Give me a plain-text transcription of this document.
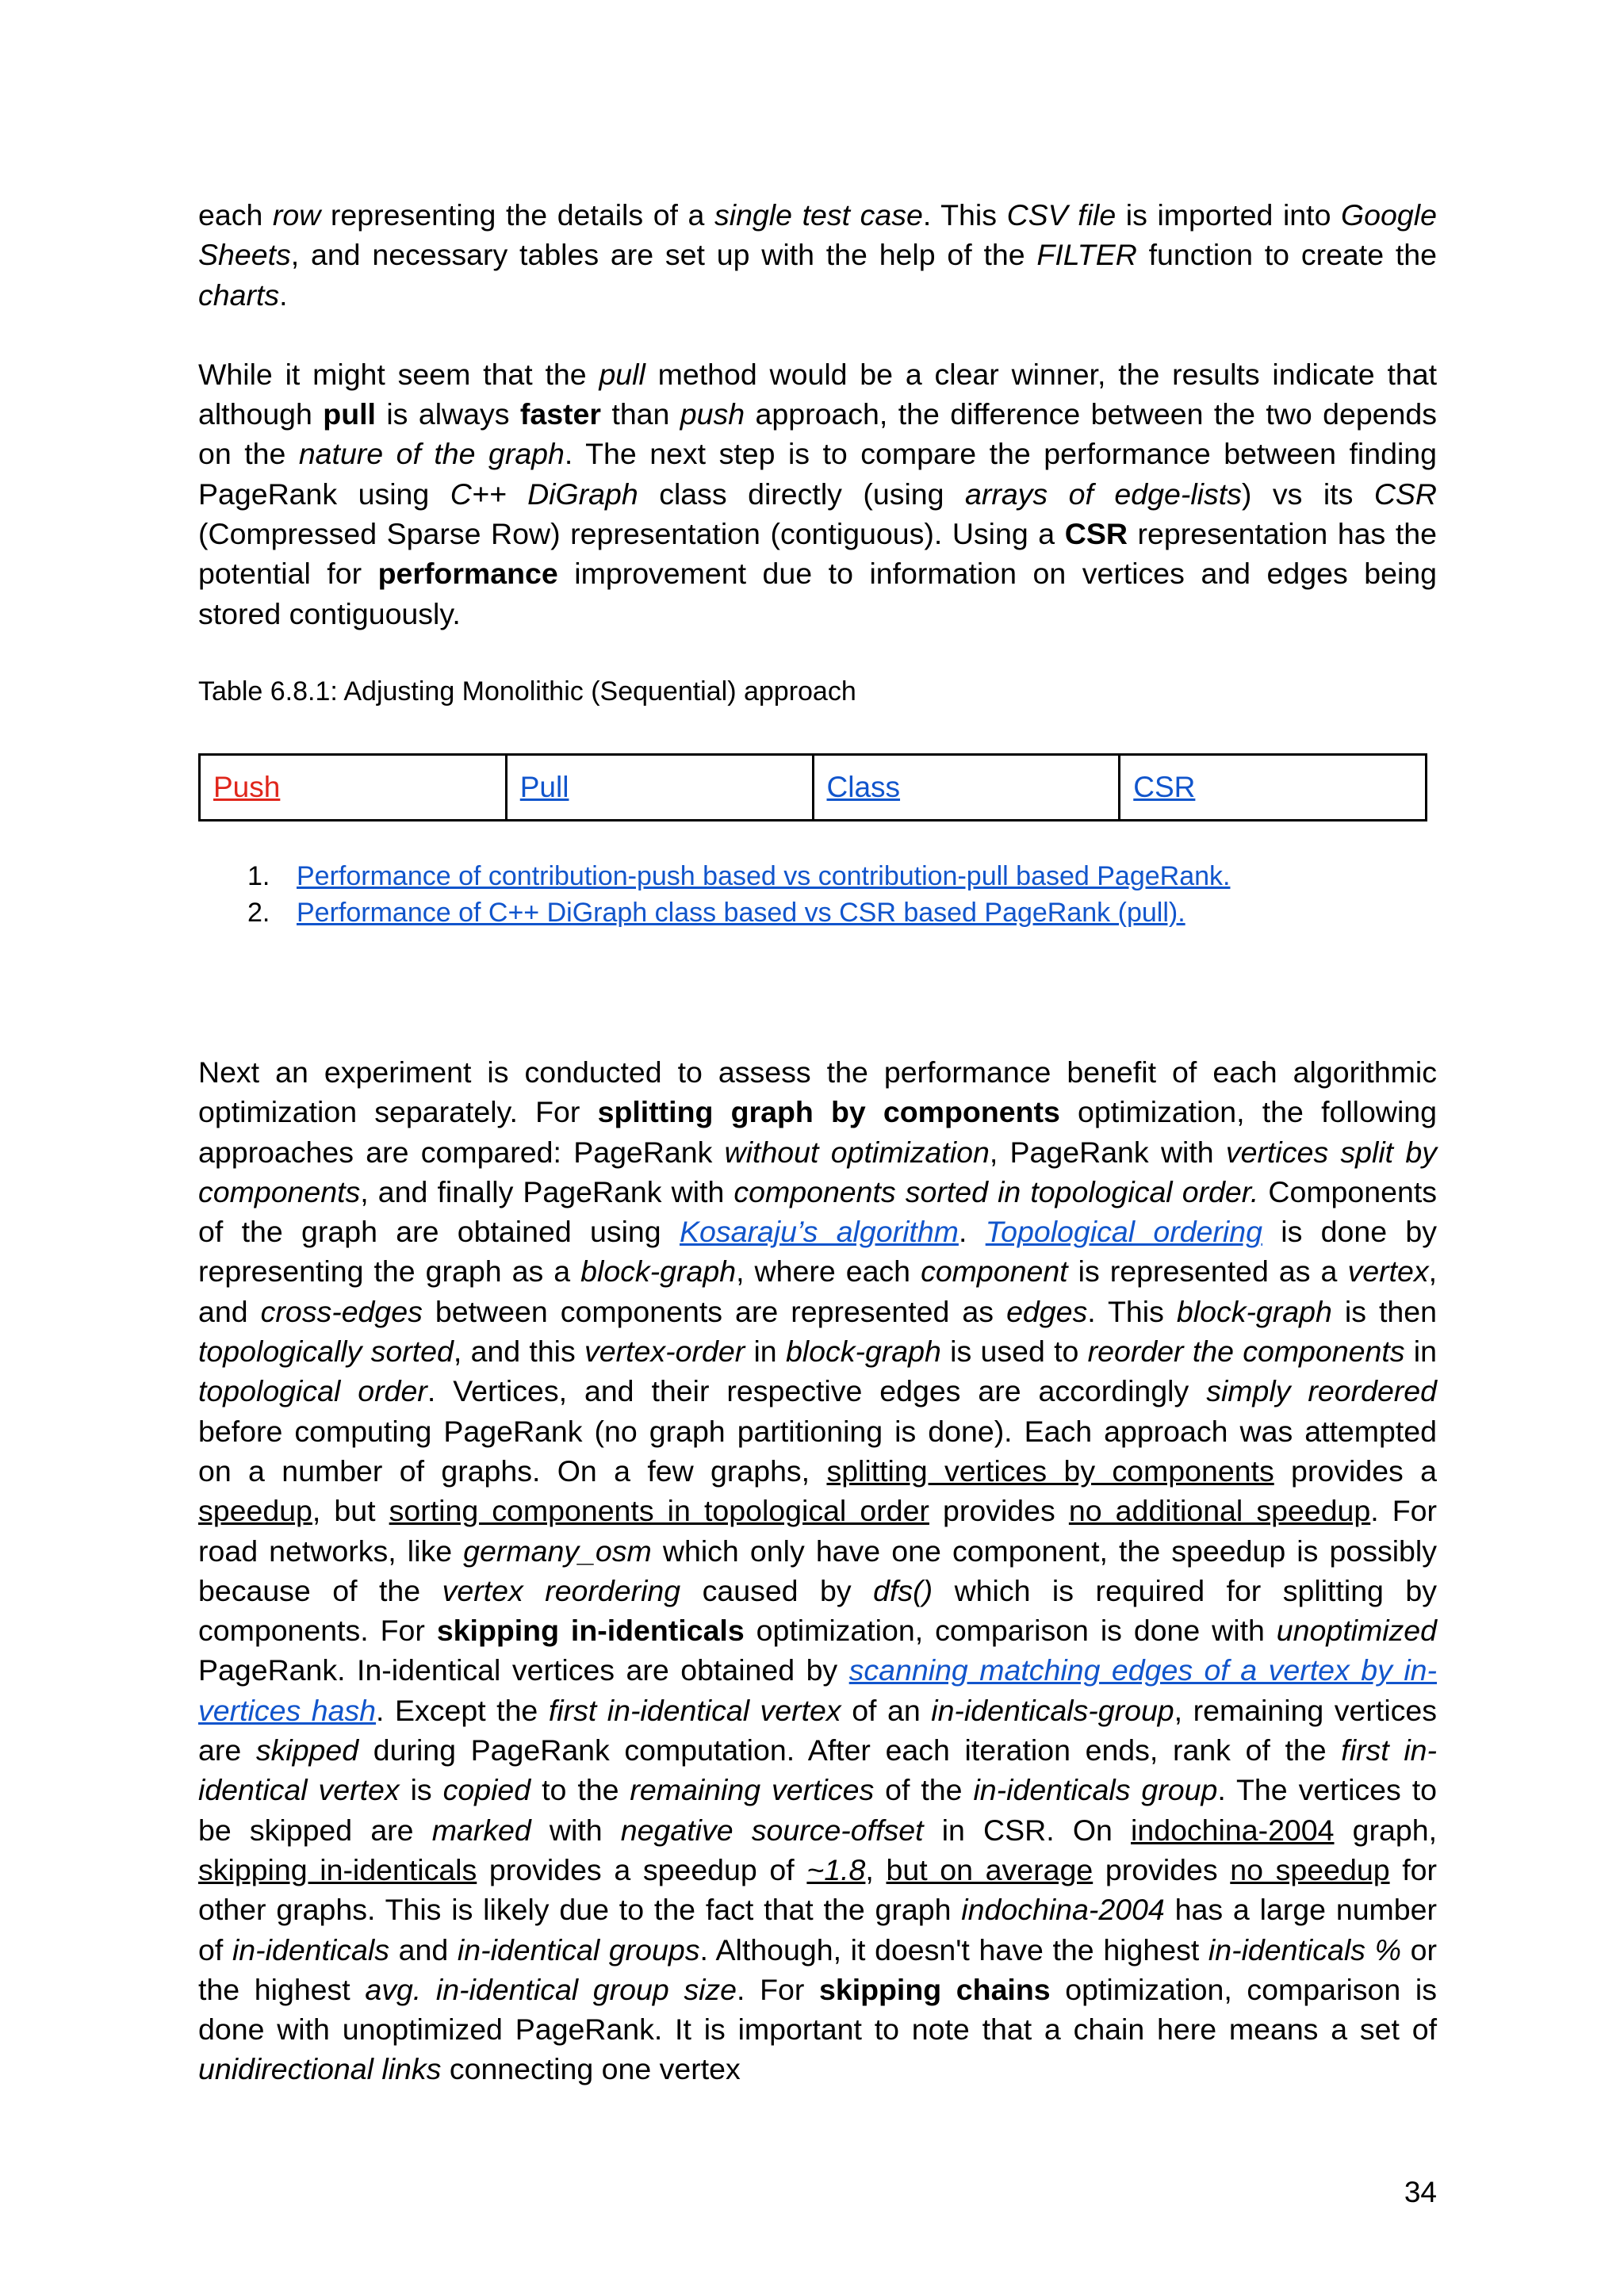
each row representing the details of a single test case. This CSV file is imported into Google Sheets, and necessary tables are set up with the help of the FILTER function to create the charts.

While it might seem that the pull method would be a clear winner, the results indicate that although pull is always faster than push approach, the difference between the two depends on the nature of the graph. The next step is to compare the performance between finding PageRank using C++ DiGraph class directly (using arrays of edge-lists) vs its CSR (Compressed Sparse Row) representation (contiguous). Using a CSR representation has the potential for performance improvement due to information on vertices and edges being stored contiguously.

Table 6.8.1: Adjusting Monolithic (Sequential) approach
Push	Pull	Class	CSR
1. Performance of contribution-push based vs contribution-pull based PageRank.
2. Performance of C++ DiGraph class based vs CSR based PageRank (pull).

Next an experiment is conducted to assess the performance benefit of each algorithmic optimization separately. For splitting graph by components optimization, the following approaches are compared: PageRank without optimization, PageRank with vertices split by components, and finally PageRank with components sorted in topological order. Components of the graph are obtained using Kosaraju’s algorithm. Topological ordering is done by representing the graph as a block-graph, where each component is represented as a vertex, and cross-edges between components are represented as edges. This block-graph is then topologically sorted, and this vertex-order in block-graph is used to reorder the components in topological order. Vertices, and their respective edges are accordingly simply reordered before computing PageRank (no graph partitioning is done). Each approach was attempted on a number of graphs. On a few graphs, splitting vertices by components provides a speedup, but sorting components in topological order provides no additional speedup. For road networks, like germany_osm which only have one component, the speedup is possibly because of the vertex reordering caused by dfs() which is required for splitting by components. For skipping in-identicals optimization, comparison is done with unoptimized PageRank. In-identical vertices are obtained by scanning matching edges of a vertex by in-vertices hash. Except the first in-identical vertex of an in-identicals-group, remaining vertices are skipped during PageRank computation. After each iteration ends, rank of the first in-identical vertex is copied to the remaining vertices of the in-identicals group. The vertices to be skipped are marked with negative source-offset in CSR. On indochina-2004 graph, skipping in-identicals provides a speedup of ~1.8, but on average provides no speedup for other graphs. This is likely due to the fact that the graph indochina-2004 has a large number of in-identicals and in-identical groups. Although, it doesn't have the highest in-identicals % or the highest avg. in-identical group size. For skipping chains optimization, comparison is done with unoptimized PageRank. It is important to note that a chain here means a set of unidirectional links connecting one vertex

34
